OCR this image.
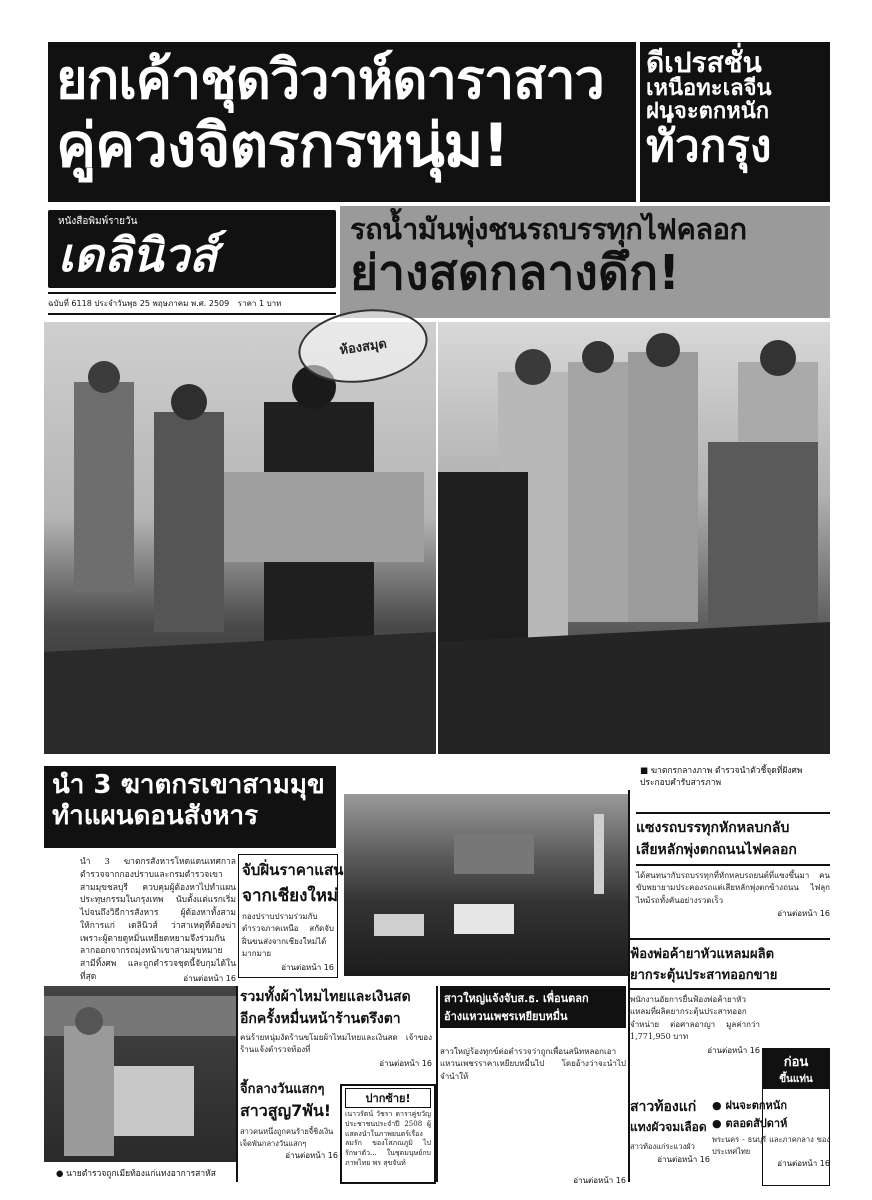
ยกเค้าชุดวิวาห์ดาราสาว
คู่ควงจิตรกรหนุ่ม!
ดีเปรสชั่น
เหนือทะเลจีน
ฝนจะตกหนัก
ทั่วกรุง
หนังสือพิมพ์รายวัน
เดลินิวส์
ฉบับที่ 6118 ประจำวันพุธ 25 พฤษภาคม พ.ศ. 2509 ราคา 1 บาท
รถน้ำมันพุ่งชนรถบรรทุกไฟคลอก
ย่างสดกลางดึก!
ห้องสมุด
■ ฆาตกรกลางภาพ ตำรวจนำตัวชี้จุดที่ฝังศพ ประกอบคำรับสารภาพ
นำ 3 ฆาตกรเขาสามมุข
ทำแผนดอนสังหาร
นำ 3 ฆาตกรสังหารโหดแดนเทศกาลตำรวจจากกองปราบและกรมตำรวจเขาสามมุขชลบุรี ควบคุมผู้ต้องหาไปทำแผนประทุษกรรมในกรุงเทพ นับตั้งแต่แรกเริ่มไปจนถึงวิธีการสังหาร ผู้ต้องหาทั้งสามให้การแก่ เดลินิวส์ ว่าสาเหตุที่ต้องฆ่าเพราะผู้ตายดูหมิ่นเหยียดหยามจึงร่วมกันลากออกจากรถมุ่งหน้าเขาสามมุขหมายสามีทิ้งศพ และถูกตำรวจชุดนี้จับกุมได้ในที่สุด	อ่านต่อหน้า 16
จับฝิ่นราคาแสน
จากเชียงใหม่
กองปราบปรามร่วมกับตำรวจภาคเหนือ สกัดจับฝิ่นขนส่งจากเชียงใหม่ได้มากมาย
อ่านต่อหน้า 16
แซงรถบรรทุกหักหลบกลับ
เสียหลักพุ่งตกถนนไฟคลอก
ได้สนทนากับรถบรรทุกที่หักหลบรถยนต์ที่แซงขึ้นมา คนขับพยายามประคองรถแต่เสียหลักพุ่งตกข้างถนน ไฟลุกไหม้รถทั้งคันอย่างรวดเร็ว
อ่านต่อหน้า 16
ฟ้องพ่อค้ายาหัวแหลมผลิต
ยากระตุ้นประสาทออกขาย
พนักงานอัยการยื่นฟ้องพ่อค้ายาหัวแหลมที่ผลิตยากระตุ้นประสาทออกจำหน่าย ต่อศาลอาญา มูลค่ากว่า 1,771,950 บาท
อ่านต่อหน้า 16
ก่อน
ขึ้นแท่น
● ฝนจะตกหนัก
● ตลอดสัปดาห์
พระนคร - ธนบุรี และภาคกลาง ของประเทศไทย
อ่านต่อหน้า 16
● นายตำรวจถูกเมียท้องแก่แทงอาการสาหัส
รวมทั้งผ้าไหมไทยและเงินสด
อีกครั้งหมื่นหน้าร้านตรึงตา
คนร้ายหนุ่มงัดร้านขโมยผ้าไหมไทยและเงินสด เจ้าของร้านแจ้งตำรวจท้องที่
อ่านต่อหน้า 16
สาวใหญ่แจ้งจับส.ธ. เพื่อนตลก
อ้างแหวนเพชรเหยียบหมื่น
สาวใหญ่ร้องทุกข์ต่อตำรวจว่าถูกเพื่อนสนิทหลอกเอาแหวนเพชรราคาเหยียบหมื่นไป โดยอ้างว่าจะนำไปจำนำให้
อ่านต่อหน้า 16
จี้กลางวันแสกๆ
สาวสูญ7พัน!
สาวคนหนึ่งถูกคนร้ายจี้ชิงเงินเจ็ดพันกลางวันแสกๆ
อ่านต่อหน้า 16
ปากซ้าย!
เนาวรัตน์ วัชรา ดาราคู่ขวัญประชาชนประจำปี 2508 ผู้แสดงนำในภาพยนตร์เรื่อง ลมรัก ของโสภณภูมิ ไปรักษาตัว... ในชุดมนุษย์กบ ภาพไทย พร สุขจันท์
สาวท้องแก่
แทงผัวจมเลือด
สาวท้องแก่ระแวงผัว
อ่านต่อหน้า 16
